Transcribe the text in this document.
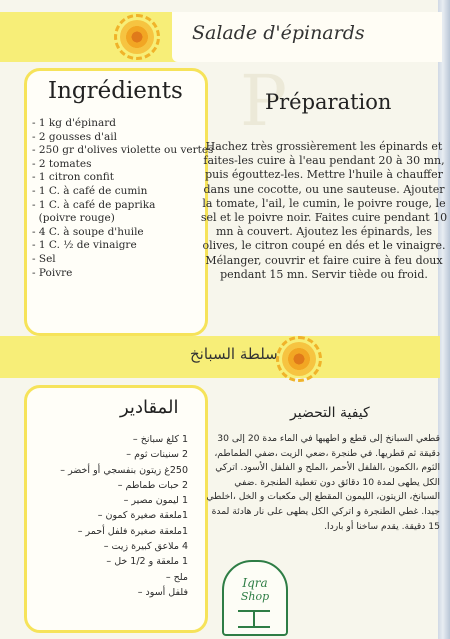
Salade d'épinards
Ingrédients
- 1 kg d'épinard
- 2 gousses d'ail
- 250 gr d'olives violette ou vertes
- 2 tomates
- 1 citron confit
- 1 C. à café de cumin
- 1 C. à café de paprika
(poivre rouge)
- 4 C. à soupe d'huile
- 1 C. ½ de vinaigre
- Sel
- Poivre
P
Préparation
Hachez très grossièrement les épinards et faites-les cuire à l'eau pendant 20 à 30 mn, puis égouttez-les. Mettre l'huile à chauffer dans une cocotte, ou une sauteuse. Ajouter la tomate, l'ail, le cumin, le poivre rouge, le sel et le poivre noir. Faites cuire pendant 10 mn à couvert. Ajoutez les épinards, les olives, le citron coupé en dés et le vinaigre. Mélanger, couvrir et faire cuire à feu doux pendant 15 mn. Servir tiède ou froid.
سلطة السبانخ
المقادير
1 كلغ سبانخ –
2 سنينات ثوم –
250غ زيتون بنفسجي أو أخضر –
2 حبات طماطم –
1 ليمون مصير –
1ملعقة صغيرة كمون –
1ملعقة صغيرة فلفل أحمر –
4 ملاعق كبيرة زيت –
1 ملعقة و 1/2 خل –
ملح –
فلفل أسود –
كيفية التحضير
قطعي السبانخ إلى قطع و اطهيها في الماء مدة 20 إلى 30 دقيقة ثم قطريها. في طنجرة ،ضعي الزيت ،ضفي الطماطم، الثوم ،الكمون ،الفلفل الأحمر ،الملح و الفلفل الأسود. اتركي الكل يطهى لمدة 10 دقائق دون تغطية الطنجرة .ضفي السبانخ، الزيتون، الليمون المقطع إلى مكعبات و الخل ،اخلطي جيدا. غطي الطنجرة و اتركي الكل يطهى على نار هادئة لمدة 15 دقيقة. يقدم ساخنا أو باردا.
Iqra
Shop
